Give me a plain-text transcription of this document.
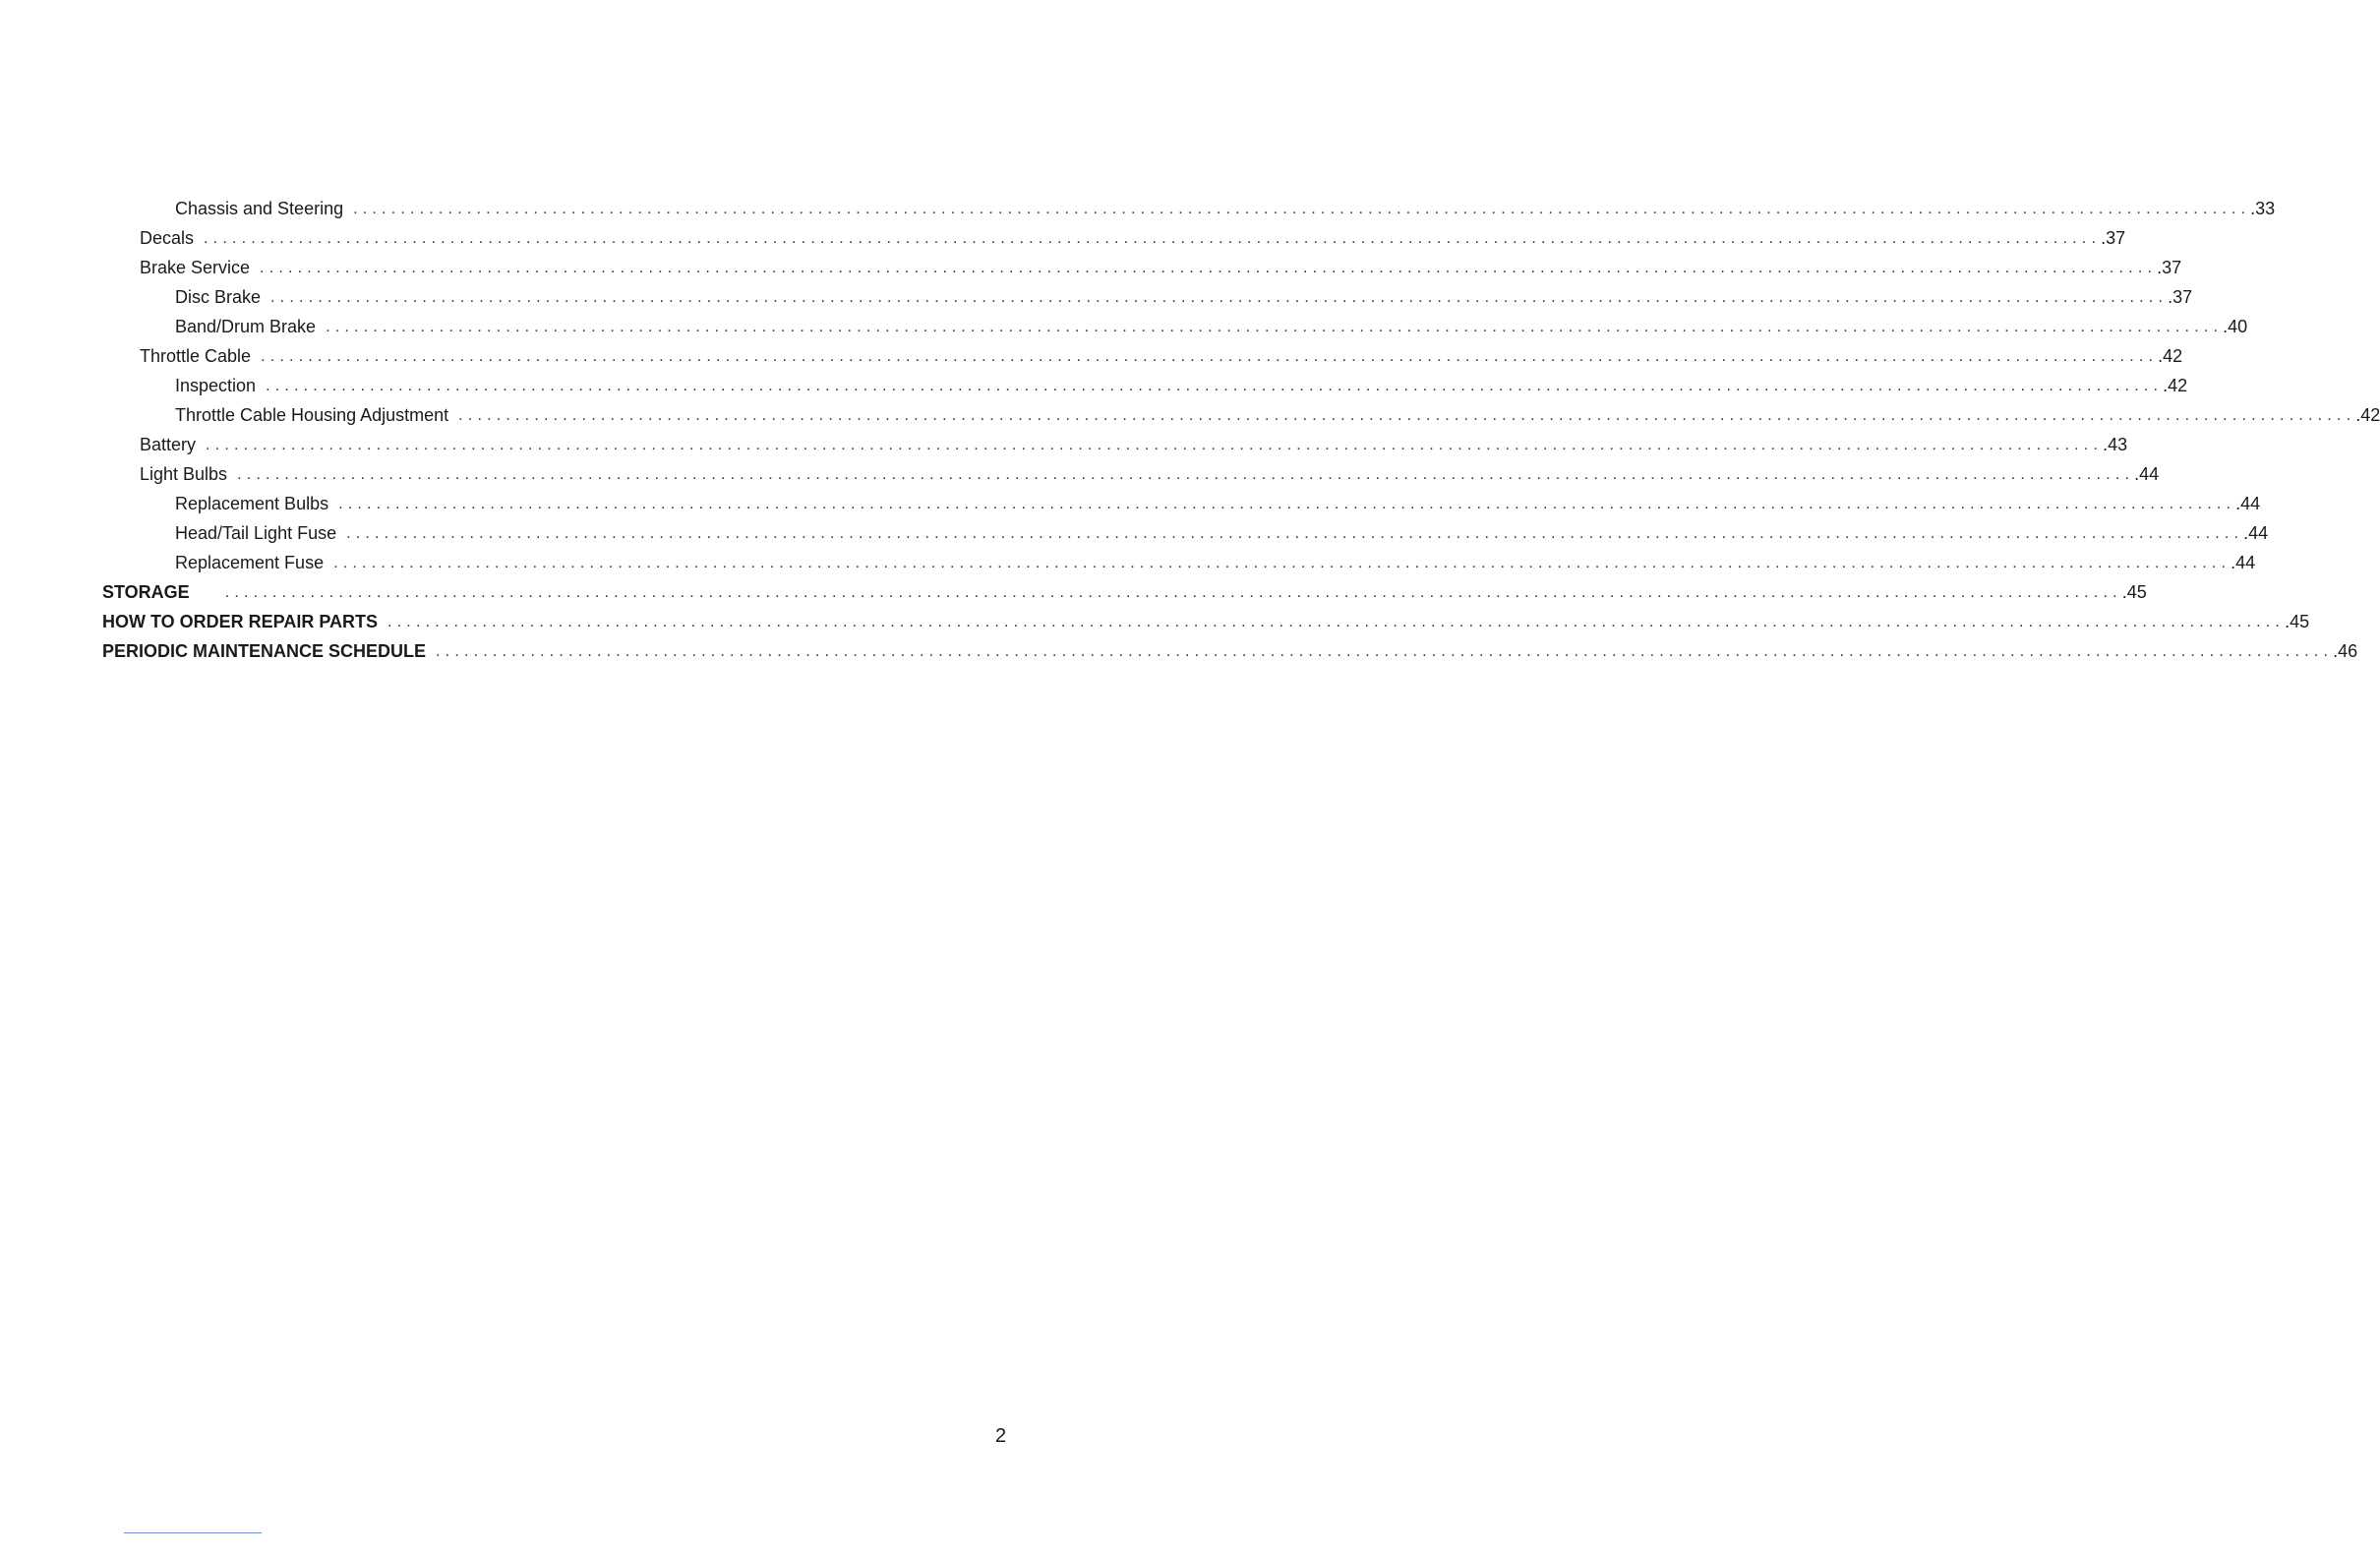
Chassis and Steering ........................................................................................................................................................................................................ .33
Decals ........................................................................................................................................................................................................ .37
Brake Service ........................................................................................................................................................................................................ .37
Disc Brake ........................................................................................................................................................................................................ .37
Band/Drum Brake ........................................................................................................................................................................................................ .40
Throttle Cable ........................................................................................................................................................................................................ .42
Inspection ........................................................................................................................................................................................................ .42
Throttle Cable Housing Adjustment ........................................................................................................................................................................................................ .42
Battery ........................................................................................................................................................................................................ .43
Light Bulbs ........................................................................................................................................................................................................ .44
Replacement Bulbs ........................................................................................................................................................................................................ .44
Head/Tail Light Fuse ........................................................................................................................................................................................................ .44
Replacement Fuse ........................................................................................................................................................................................................ .44
STORAGE	........................................................................................................................................................................................................ .45
HOW TO ORDER REPAIR PARTS ........................................................................................................................................................................................................ .45
PERIODIC MAINTENANCE SCHEDULE ........................................................................................................................................................................................................ .46
2
